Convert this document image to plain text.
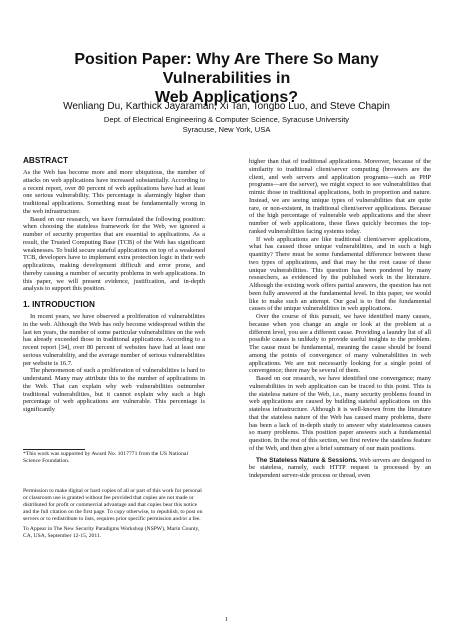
Position Paper: Why Are There So Many Vulnerabilities in
Web Applications?
Wenliang Du, Karthick Jayaraman, Xi Tan, Tongbo Luo, and Steve Chapin
Dept. of Electrical Engineering & Computer Science, Syracuse University
Syracuse, New York, USA
ABSTRACT

As the Web has become more and more ubiquitous, the number of attacks on web applications have increased substantially. According to a recent report, over 80 percent of web applications have had at least one serious vulnerability. This percentage is alarmingly higher than traditional applications. Something must be fundamentally wrong in the web infrastructure.

Based on our research, we have formulated the following position: when choosing the stateless framework for the Web, we ignored a number of security properties that are essential to applications. As a result, the Trusted Computing Base (TCB) of the Web has significant weaknesses. To build secure stateful applications on top of a weakened TCB, developers have to implement extra protection logic in their web applications, making development difficult and error prone, and thereby causing a number of security problems in web applications. In this paper, we will present evidence, justification, and in-depth analysis to support this position.

1. INTRODUCTION

In recent years, we have observed a proliferation of vulnerabilities in the web. Although the Web has only become widespread within the last ten years, the number of some particular vulnerabilities on the web has already exceeded those in traditional applications. According to a recent report [34], over 80 percent of websites have had at least one serious vulnerability, and the average number of serious vulnerabilities per website is 16.7.

The phenomenon of such a proliferation of vulnerabilities is hard to understand. Many may attribute this to the number of applications in the Web. That can explain why web vulnerabilities outnumber traditional vulnerabilities, but it cannot explain why such a high percentage of web applications are vulnerable. This percentage is significantly

*This work was supported by Award No. 1017771 from the US National Science Foundation.

Permission to make digital or hard copies of all or part of this work for personal or classroom use is granted without fee provided that copies are not made or distributed for profit or commercial advantage and that copies bear this notice and the full citation on the first page. To copy otherwise, to republish, to post on servers or to redistribute to lists, requires prior specific permission and/or a fee.

To Appear in The New Security Paradigms Workshop (NSPW), Marin County, CA, USA, September 12-15, 2011.

higher than that of traditional applications. Moreover, because of the similarity to traditional client/server computing (browsers are the client, and web servers and application programs—such as PHP programs—are the server), we might expect to see vulnerabilities that mimic those in traditional applications, both in proportion and nature. Instead, we are seeing unique types of vulnerabilities that are quite rare, or non-existent, in traditional client/server applications. Because of the high percentage of vulnerable web applications and the sheer number of web applications, these flaws quickly becomes the top-ranked vulnerabilities facing systems today.

If web applications are like traditional client/server applications, what has caused those unique vulnerabilities, and in such a high quantity? There must be some fundamental difference between these two types of applications, and that may be the root cause of these unique vulnerabilities. This question has been pondered by many researchers, as evidenced by the published work in the literature. Although the existing work offers partial answers, the question has not been fully answered at the fundamental level. In this paper, we would like to make such an attempt. Our goal is to find the fundamental causes of the unique vulnerabilities in web applications.

Over the course of this pursuit, we have identified many causes, because when you change an angle or look at the problem at a different level, you see a different cause. Providing a laundry list of all possible causes is unlikely to provide useful insights to the problem. The cause must be fundamental, meaning the cause should be found among the points of convergence of many vulnerabilities in web applications. We are not necessarily looking for a single point of convergence; there may be several of them.

Based on our research, we have identified one convergence; many vulnerabilities in web application can be traced to this point. This is the stateless nature of the Web, i.e., many security problems found in web applications are caused by building stateful applications on this stateless infrastructure. Although it is well-known from the literature that the stateless nature of the Web has caused many problems, there has been a lack of in-depth study to answer why statelessness causes so many problems. This position paper answers such a fundamental question. In the rest of this section, we first review the stateless feature of the Web, and then give a brief summary of our main positions.

The Stateless Nature & Sessions. Web servers are designed to be stateless, namely, each HTTP request is processed by an independent server-side process or thread, even

1
